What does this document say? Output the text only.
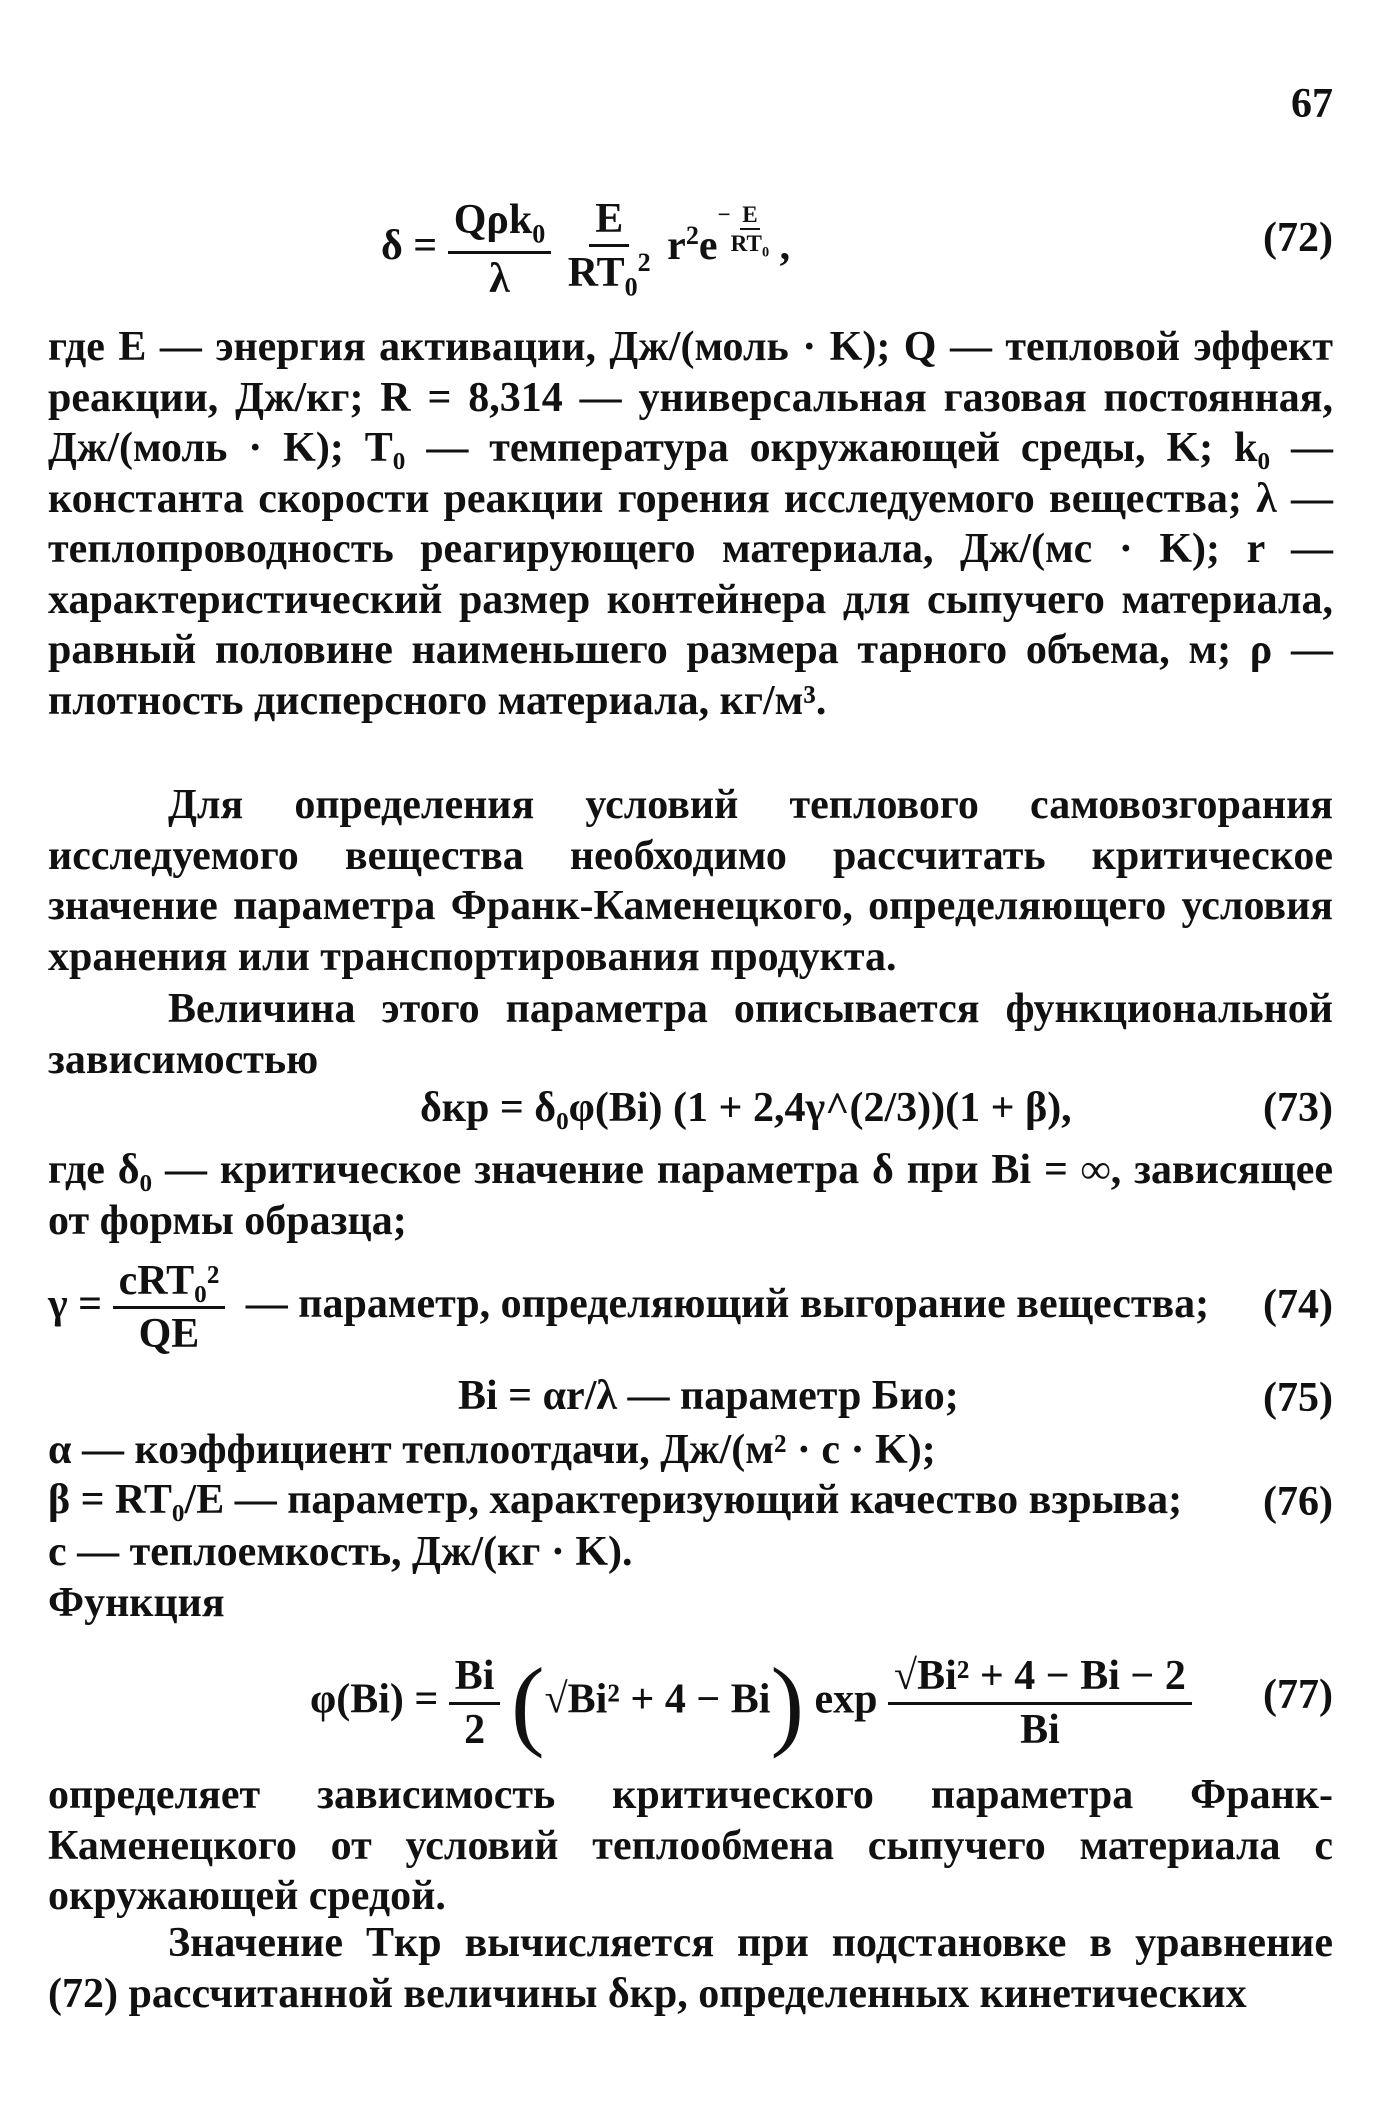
67
$\delta = \frac{Q\rho k_0}{\lambda}$
$\frac{E}{RT_0^2} r^2e^- \frac{E}{RT_0}$ ,	(72)
где E — энергия активации, Дж/(моль · K); Q — тепловой эффект реакции, Дж/кг; R = 8,314 — универсальная газовая постоянная, Дж/(моль · K); T₀ — температура окружающей среды, K; k₀ — константа скорости реакции горения исследуемого вещества; λ — теплопроводность реагирующего материала, Дж/(мс · K); r — характеристический размер контейнера для сыпучего материала, равный половине наименьшего размера тарного объема, м; ρ — плотность дисперсного материала, кг/м³.
Для определения условий теплового самовозгорания исследуемого вещества необходимо рассчитать критическое значение параметра Франк-Каменецкого, определяющего условия хранения или транспортирования продукта.
Величина этого параметра описывается функциональной зависимостью
δкр = δ₀φ(Bi) (1 + 2,4γ^(2/3))(1 + β),	(73)
где δ₀ — критическое значение параметра δ при Bi = ∞, зависящее от формы образца;
$\gamma = \frac{\text{cRT₀²}}{QE}$ — параметр, определяющий выгорание вещества; (74)
Bi = αr/λ — параметр Био;	(75)
α — коэффициент теплоотдачи, Дж/(м² · с · K);
β = RT₀/E — параметр, характеризующий качество взрыва; (76)
с — теплоемкость, Дж/(кг · K).
Функция
$\varphi(Bi) = \frac{Bi}{2} (√Bi^2 + 4 - Bi)$ $\exp \frac{\text{√Bi² + 4 − Bi − 2}}{Bi} (77)$
определяет зависимость критического параметра Франк-Каменецкого от условий теплообмена сыпучего материала с окружающей средой.
Значение Tкр вычисляется при подстановке в уравнение (72) рассчитанной величины δкр, определенных кинетических
